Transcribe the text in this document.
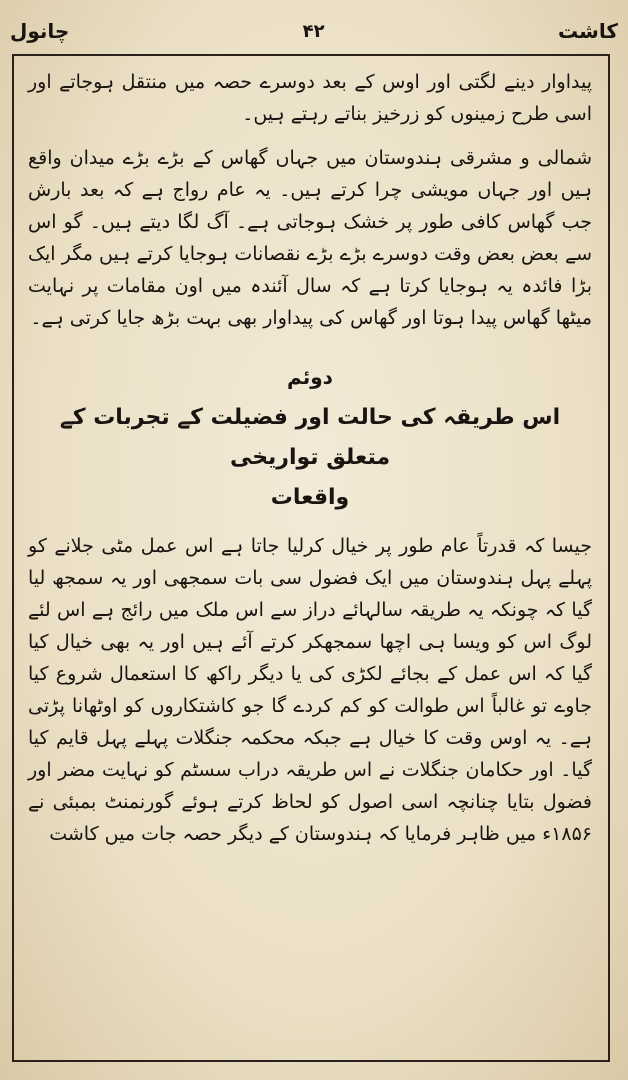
چانول	۴۲	کاشت

پیداوار دینے لگتی اور اوس کے بعد دوسرے حصہ میں منتقل ہوجاتے اور اسی طرح زمینوں کو زرخیز بناتے رہتے ہیں۔

شمالی و مشرقی ہندوستان میں جہاں گھاس کے بڑے بڑے میدان واقع ہیں اور جہاں مویشی چرا کرتے ہیں۔ یہ عام رواج ہے کہ بعد بارش جب گھاس کافی طور پر خشک ہوجاتی ہے۔ آگ لگا دیتے ہیں۔ گو اس سے بعض بعض وقت دوسرے بڑے بڑے نقصانات ہوجایا کرتے ہیں مگر ایک بڑا فائدہ یہ ہوجایا کرتا ہے کہ سال آئندہ میں اون مقامات پر نہایت میٹھا گھاس پیدا ہوتا اور گھاس کی پیداوار بھی بہت بڑھ جایا کرتی ہے۔

دوئم

اس طریقہ کی حالت اور فضیلت کے تجربات کے متعلق تواریخی

واقعات

جیسا کہ قدرتاً عام طور پر خیال کرلیا جاتا ہے اس عمل مٹی جلانے کو پہلے پہل ہندوستان میں ایک فضول سی بات سمجھی اور یہ سمجھ لیا گیا کہ چونکہ یہ طریقہ سالہائے دراز سے اس ملک میں رائج ہے اس لئے لوگ اس کو ویسا ہی اچھا سمجھکر کرتے آئے ہیں اور یہ بھی خیال کیا گیا کہ اس عمل کے بجائے لکڑی کی یا دیگر راکھ کا استعمال شروع کیا جاوے تو غالباً اس طوالت کو کم کردے گا جو کاشتکاروں کو اوٹھانا پڑتی ہے۔ یہ اوس وقت کا خیال ہے جبکہ محکمہ جنگلات پہلے پہل قایم کیا گیا۔ اور حکامان جنگلات نے اس طریقہ دراب سسٹم کو نہایت مضر اور فضول بتایا چنانچہ اسی اصول کو لحاظ کرتے ہوئے گورنمنٹ بمبئی نے ۱۸۵۶ء میں ظاہر فرمایا کہ ہندوستان کے دیگر حصہ جات میں کاشت
